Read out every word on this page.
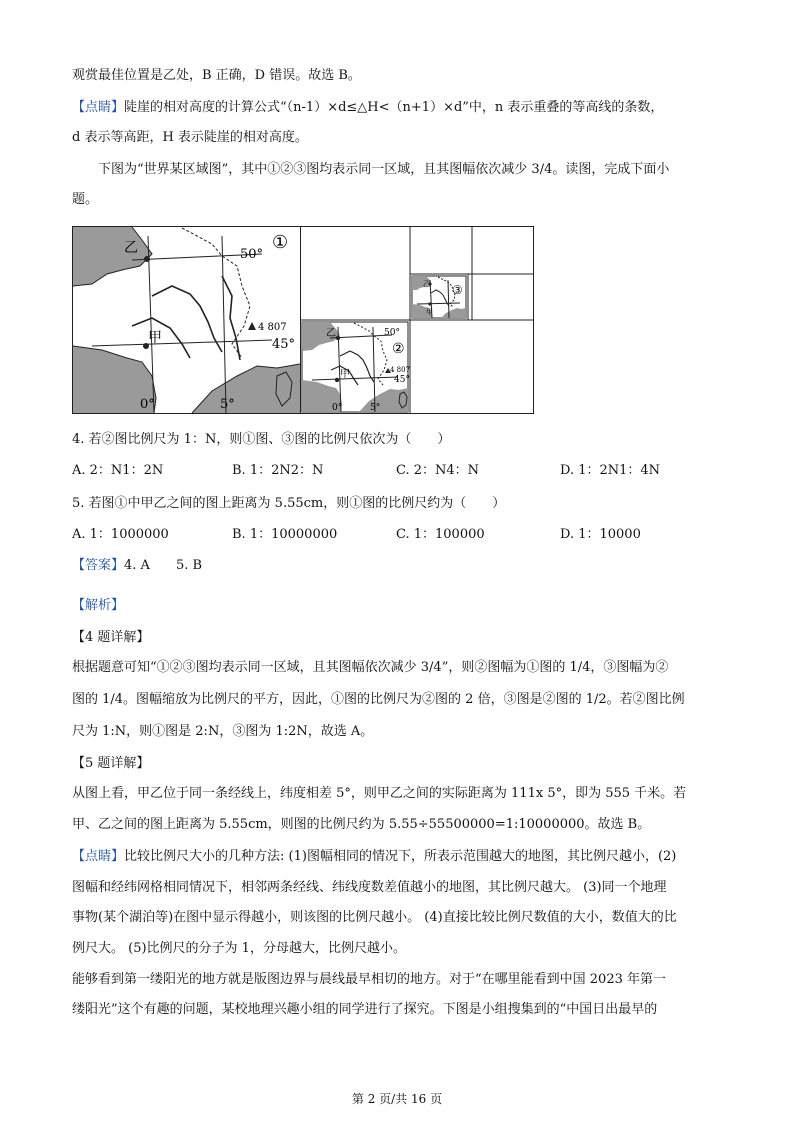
观赏最佳位置是乙处，B 正确，D 错误。故选 B。
【点睛】陡崖的相对高度的计算公式“（n-1）×d≤△H<（n+1）×d”中，n 表示重叠的等高线的条数，
d 表示等高距，H 表示陡崖的相对高度。
下图为“世界某区域图”，其中①②③图均表示同一区域，且其图幅依次减少 3/4。读图，完成下面小
题。
乙
甲
50°
45°
0°	5°
4 807
①
乙
甲
50°
45°
0°	5°
4 807
②
乙
甲
③
4. 若②图比例尺为 1：N，则①图、③图的比例尺依次为（　　）
A. 2：N1：2N	B. 1：2N2：N	C. 2：N4：N	D. 1：2N1：4N
5. 若图①中甲乙之间的图上距离为 5.55cm，则①图的比例尺约为（　　）
A. 1：1000000	B. 1：10000000	C. 1：100000	D. 1：10000
【答案】4. A　　5. B
【解析】
【4 题详解】
根据题意可知“①②③图均表示同一区域，且其图幅依次减少 3/4”，则②图幅为①图的 1/4，③图幅为②
图的 1/4。图幅缩放为比例尺的平方，因此，①图的比例尺为②图的 2 倍，③图是②图的 1/2。若②图比例
尺为 1:N，则①图是 2:N，③图为 1:2N，故选 A。
【5 题详解】
从图上看，甲乙位于同一条经线上，纬度相差 5°，则甲乙之间的实际距离为 111x 5°，即为 555 千米。若
甲、乙之间的图上距离为 5.55cm，则图的比例尺约为 5.55÷55500000=1:10000000。故选 B。
【点睛】比较比例尺大小的几种方法: (1)图幅相同的情况下，所表示范围越大的地图，其比例尺越小，(2)
图幅和经纬网格相同情况下，相邻两条经线、纬线度数差值越小的地图，其比例尺越大。 (3)同一个地理
事物(某个湖泊等)在图中显示得越小，则该图的比例尺越小。 (4)直接比较比例尺数值的大小，数值大的比
例尺大。 (5)比例尺的分子为 1，分母越大，比例尺越小。
能够看到第一缕阳光的地方就是版图边界与晨线最早相切的地方。对于“在哪里能看到中国 2023 年第一
缕阳光”这个有趣的问题，某校地理兴趣小组的同学进行了探究。下图是小组搜集到的“中国日出最早的
第 2 页/共 16 页
